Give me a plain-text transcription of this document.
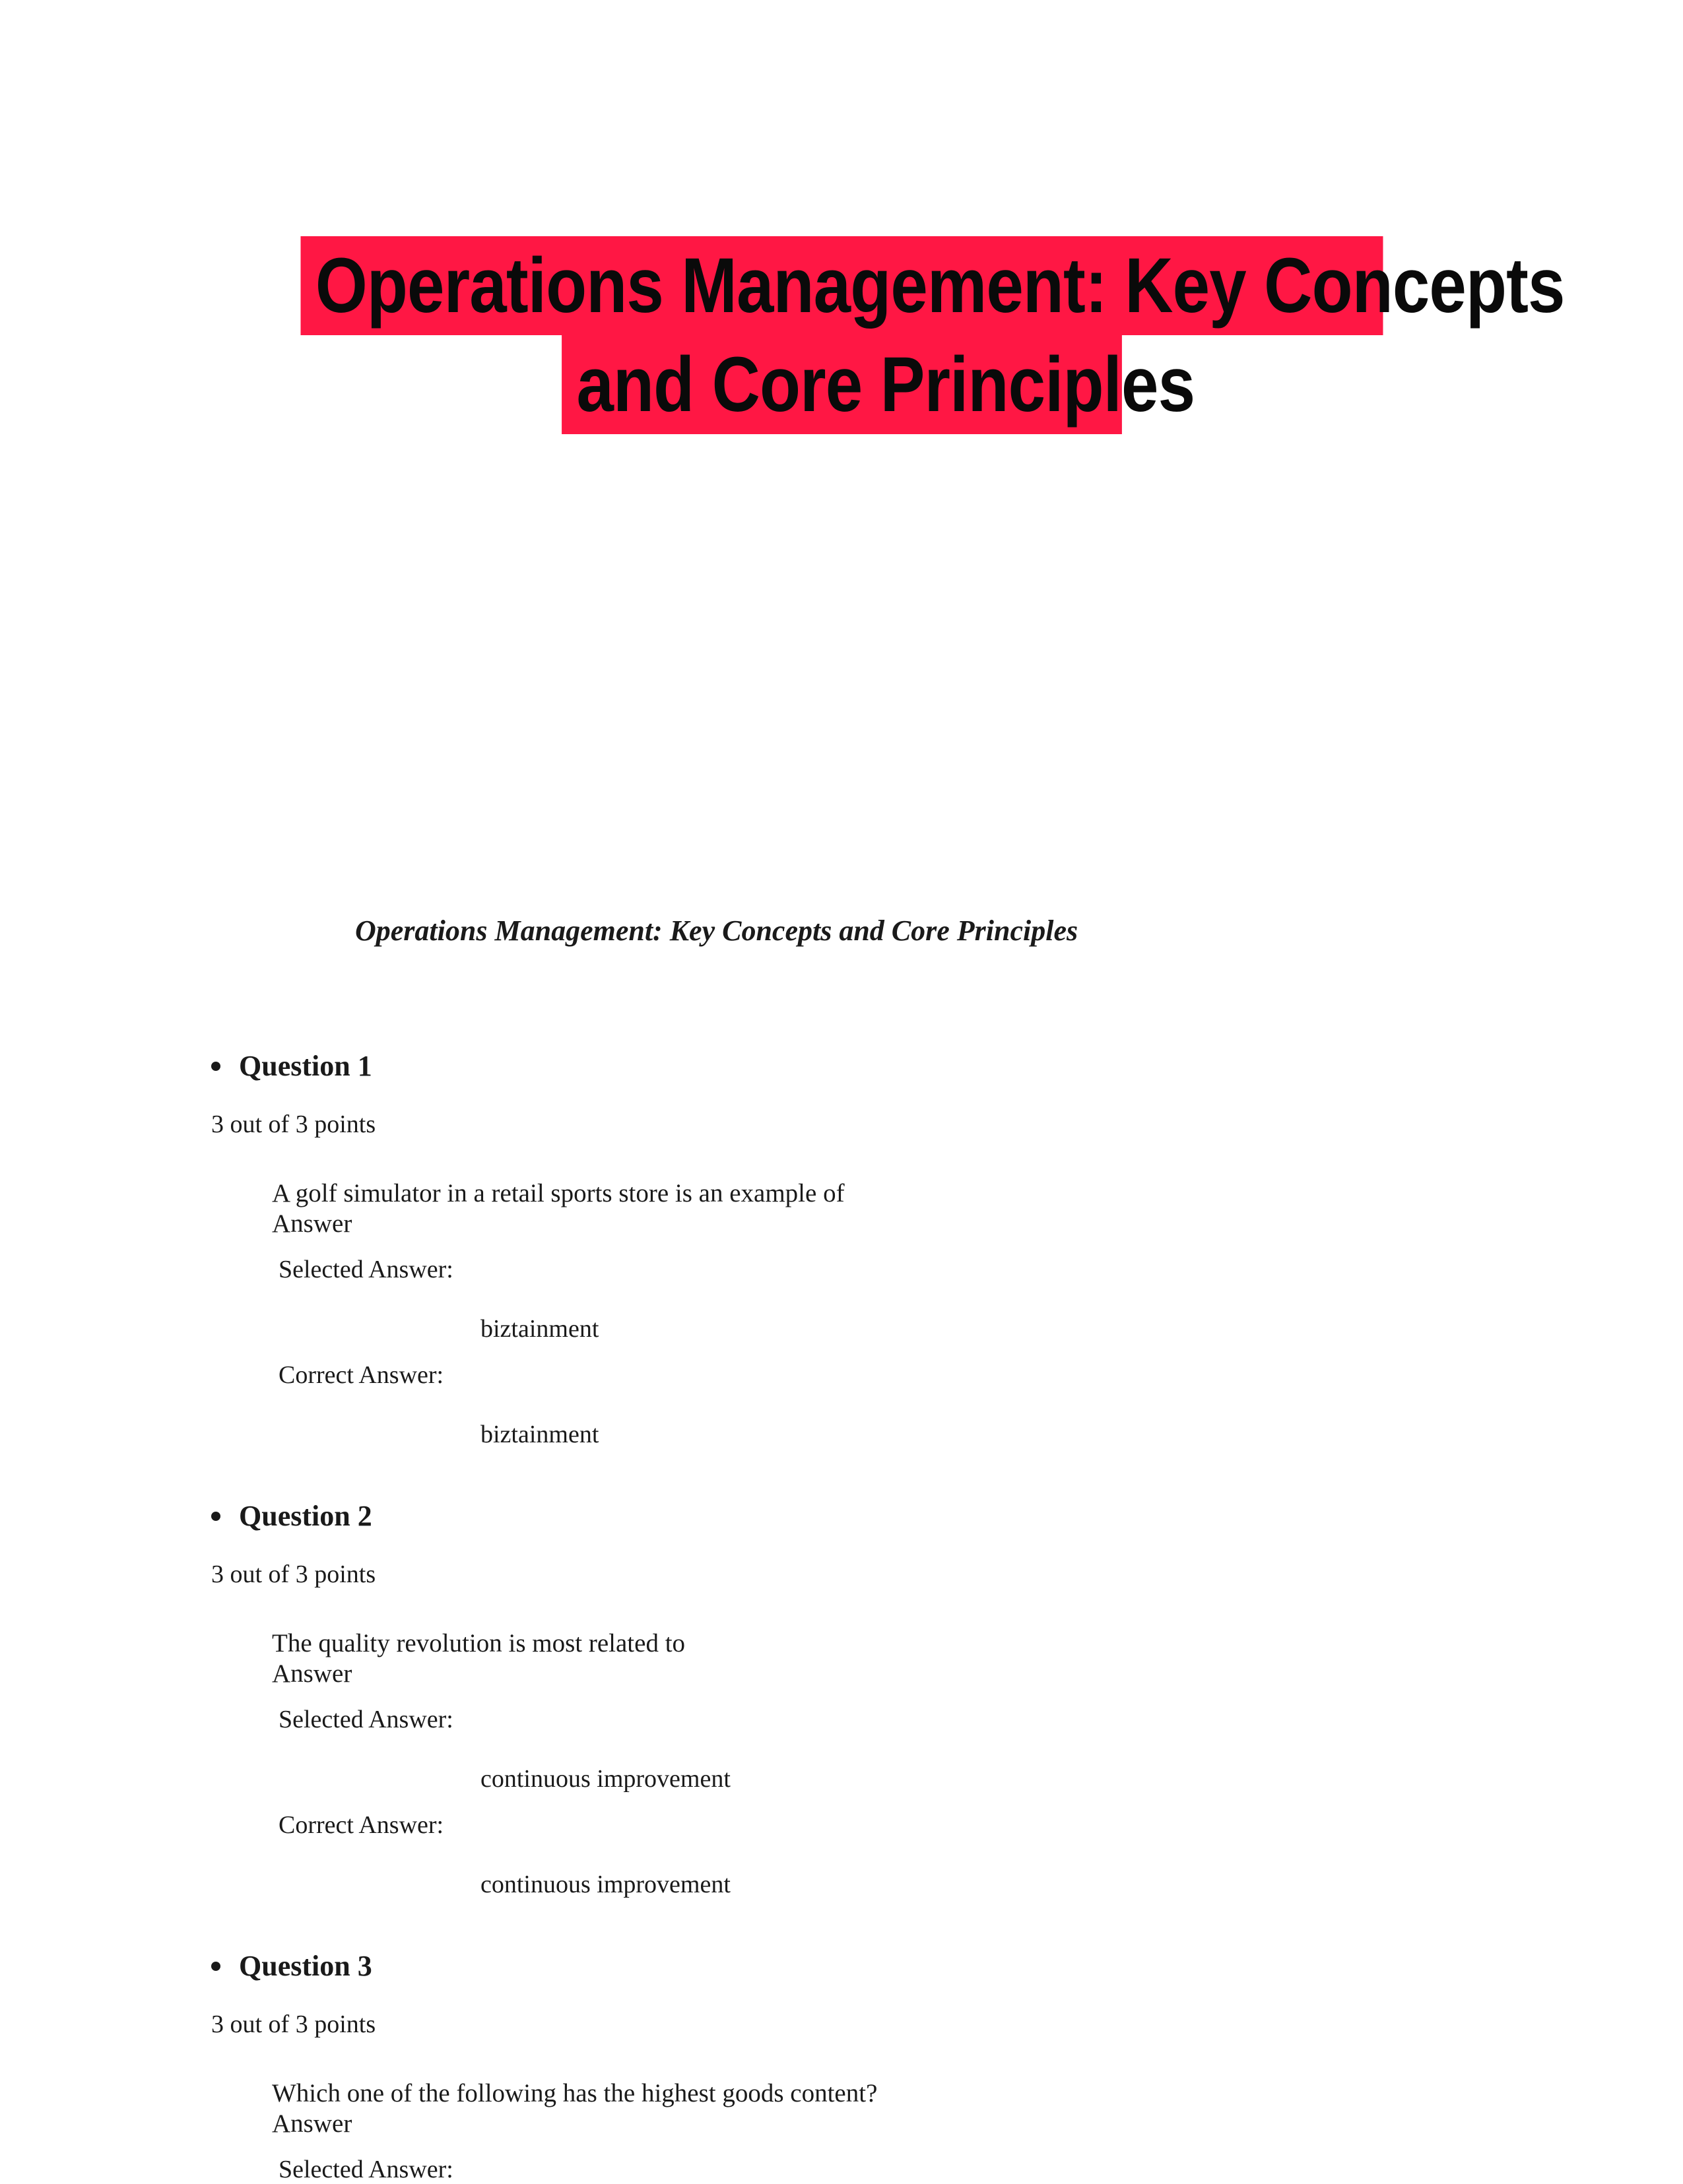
Operations Management: Key Concepts
and Core Principles
Operations Management: Key Concepts and Core Principles
Question 1
3 out of 3 points
A golf simulator in a retail sports store is an example of
Answer
Selected Answer:
biztainment
Correct Answer:
biztainment
Question 2
3 out of 3 points
The quality revolution is most related to
Answer
Selected Answer:
continuous improvement
Correct Answer:
continuous improvement
Question 3
3 out of 3 points
Which one of the following has the highest goods content?
Answer
Selected Answer:
